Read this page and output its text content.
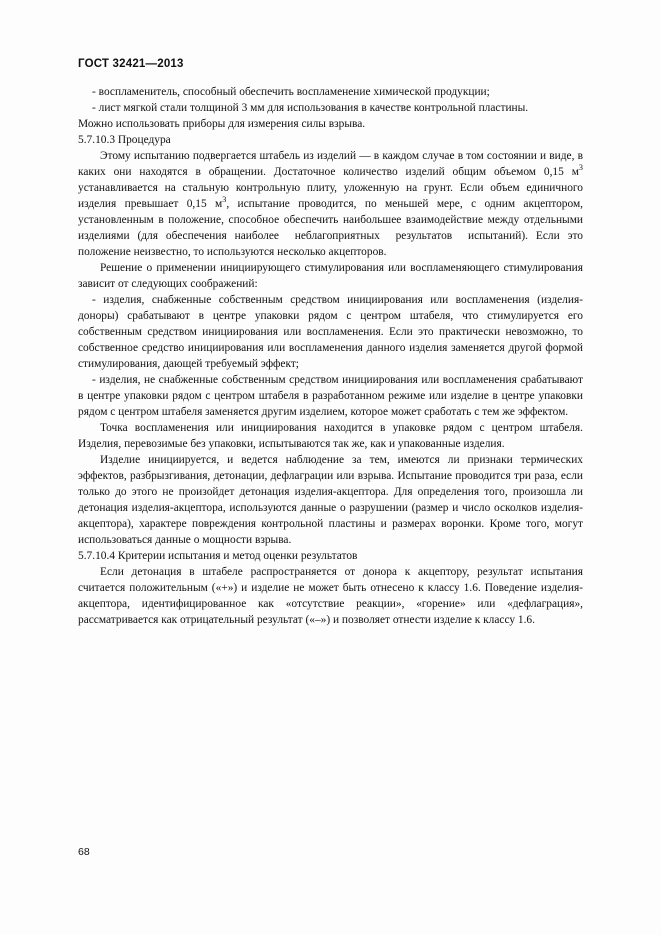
ГОСТ 32421—2013

- воспламенитель, способный обеспечить воспламенение химической продукции;

- лист мягкой стали толщиной 3 мм для использования в качестве контрольной пластины.

Можно использовать приборы для измерения силы взрыва.

5.7.10.3 Процедура

Этому испытанию подвергается штабель из изделий — в каждом случае в том состоянии и виде, в каких они находятся в обращении. Достаточное количество изделий общим объемом 0,15 $м^3$ устанавливается на стальную контрольную плиту, уложенную на грунт. Если объем единичного изделия превышает 0,15 $м^3$, испытание проводится, по меньшей мере, с одним акцептором, установленным в положение, способное обеспечить наибольшее взаимодействие между отдельными изделиями (для обеспечения наиболее  неблагоприятных  результатов  испытаний). Если это положение неизвестно, то используются несколько акцепторов.

Решение о применении инициирующего стимулирования или воспламеняющего стимулирования зависит от следующих соображений:

- изделия, снабженные собственным средством инициирования или воспламенения (изделия-доноры) срабатывают в центре упаковки рядом с центром штабеля, что стимулируется его собственным средством инициирования или воспламенения. Если это практически невозможно, то собственное средство инициирования или воспламенения данного изделия заменяется другой формой стимулирования, дающей требуемый эффект;

- изделия, не снабженные собственным средством инициирования или воспламенения срабатывают в центре упаковки рядом с центром штабеля в разработанном режиме или изделие в центре упаковки рядом с центром штабеля заменяется другим изделием, которое может сработать с тем же эффектом.

Точка воспламенения или инициирования находится в упаковке рядом с центром штабеля. Изделия, перевозимые без упаковки, испытываются так же, как и упакованные изделия.

Изделие инициируется, и ведется наблюдение за тем, имеются ли признаки термических эффектов, разбрызгивания, детонации, дефлаграции или взрыва. Испытание проводится три раза, если только до этого не произойдет детонация изделия-акцептора. Для определения того, произошла ли детонация изделия-акцептора, используются данные о разрушении (размер и число осколков изделия-акцептора), характере повреждения контрольной пластины и размерах воронки. Кроме того, могут использоваться данные о мощности взрыва.

5.7.10.4 Критерии испытания и метод оценки результатов

Если детонация в штабеле распространяется от донора к акцептору, результат испытания считается положительным («+») и изделие не может быть отнесено к классу 1.6. Поведение изделия-акцептора, идентифицированное как «отсутствие реакции», «горение» или «дефлаграция», рассматривается как отрицательный результат («–») и позволяет отнести изделие к классу 1.6.

68
